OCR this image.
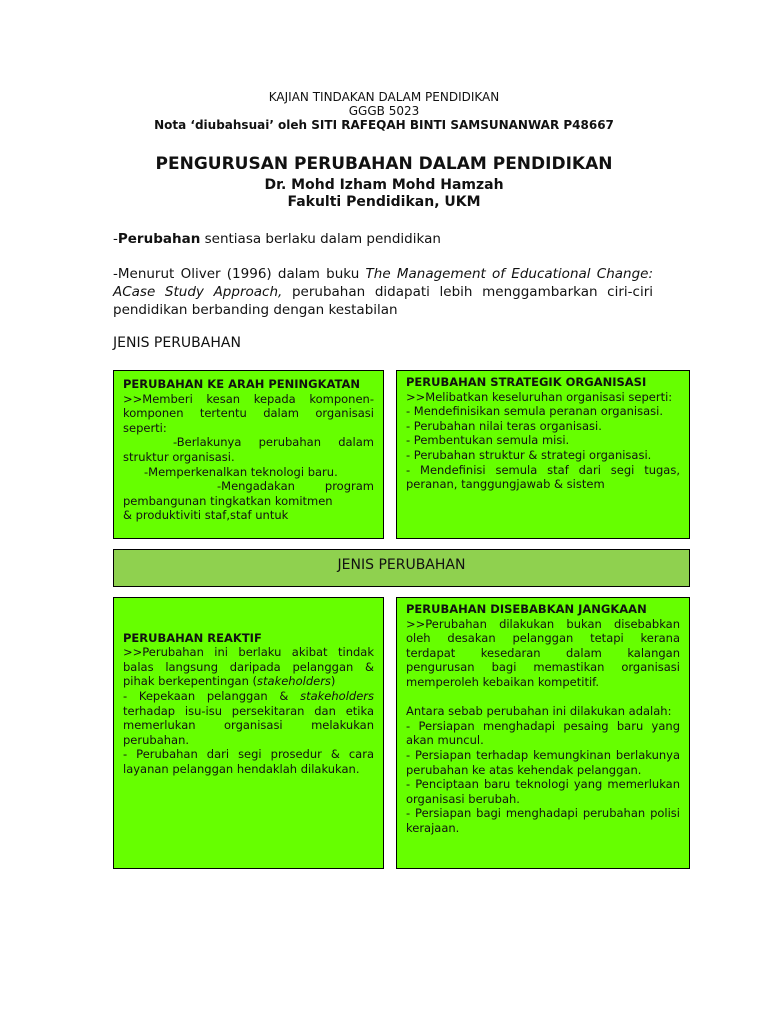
KAJIAN TINDAKAN DALAM PENDIDIKAN
GGGB 5023
Nota ‘diubahsuai’ oleh SITI RAFEQAH BINTI SAMSUNANWAR P48667
PENGURUSAN PERUBAHAN DALAM PENDIDIKAN
Dr. Mohd Izham Mohd Hamzah
Fakulti Pendidikan, UKM
-Perubahan sentiasa berlaku dalam pendidikan
-Menurut Oliver (1996) dalam buku The Management of Educational Change: ACase Study Approach, perubahan didapati lebih menggambarkan ciri-ciri pendidikan berbanding dengan kestabilan
JENIS PERUBAHAN

PERUBAHAN KE ARAH PENINGKATAN

>>Memberi kesan kepada komponen-komponen tertentu dalam organisasi seperti:

-Berlakunya perubahan dalam struktur organisasi.

-Memperkenalkan teknologi baru.

-Mengadakan program pembangunan tingkatkan komitmen

& produktiviti staf,staf untuk

PERUBAHAN STRATEGIK ORGANISASI

>>Melibatkan keseluruhan organisasi seperti:

- Mendefinisikan semula peranan organisasi.

- Perubahan nilai teras organisasi.

- Pembentukan semula misi.

- Perubahan struktur & strategi organisasi.

- Mendefinisi semula staf dari segi tugas, peranan, tanggungjawab & sistem

JENIS PERUBAHAN

PERUBAHAN REAKTIF

>>Perubahan ini berlaku akibat tindak balas langsung daripada pelanggan & pihak berkepentingan (stakeholders)

- Kepekaan pelanggan & stakeholders terhadap isu-isu persekitaran dan etika memerlukan organisasi melakukan perubahan.

- Perubahan dari segi prosedur & cara layanan pelanggan hendaklah dilakukan.

PERUBAHAN DISEBABKAN JANGKAAN

>>Perubahan dilakukan bukan disebabkan oleh desakan pelanggan tetapi kerana terdapat kesedaran dalam kalangan pengurusan bagi memastikan organisasi memperoleh kebaikan kompetitif.

Antara sebab perubahan ini dilakukan adalah:

- Persiapan menghadapi pesaing baru yang akan muncul.

- Persiapan terhadap kemungkinan berlakunya perubahan ke atas kehendak pelanggan.

- Penciptaan baru teknologi yang memerlukan organisasi berubah.

- Persiapan bagi menghadapi perubahan polisi kerajaan.
